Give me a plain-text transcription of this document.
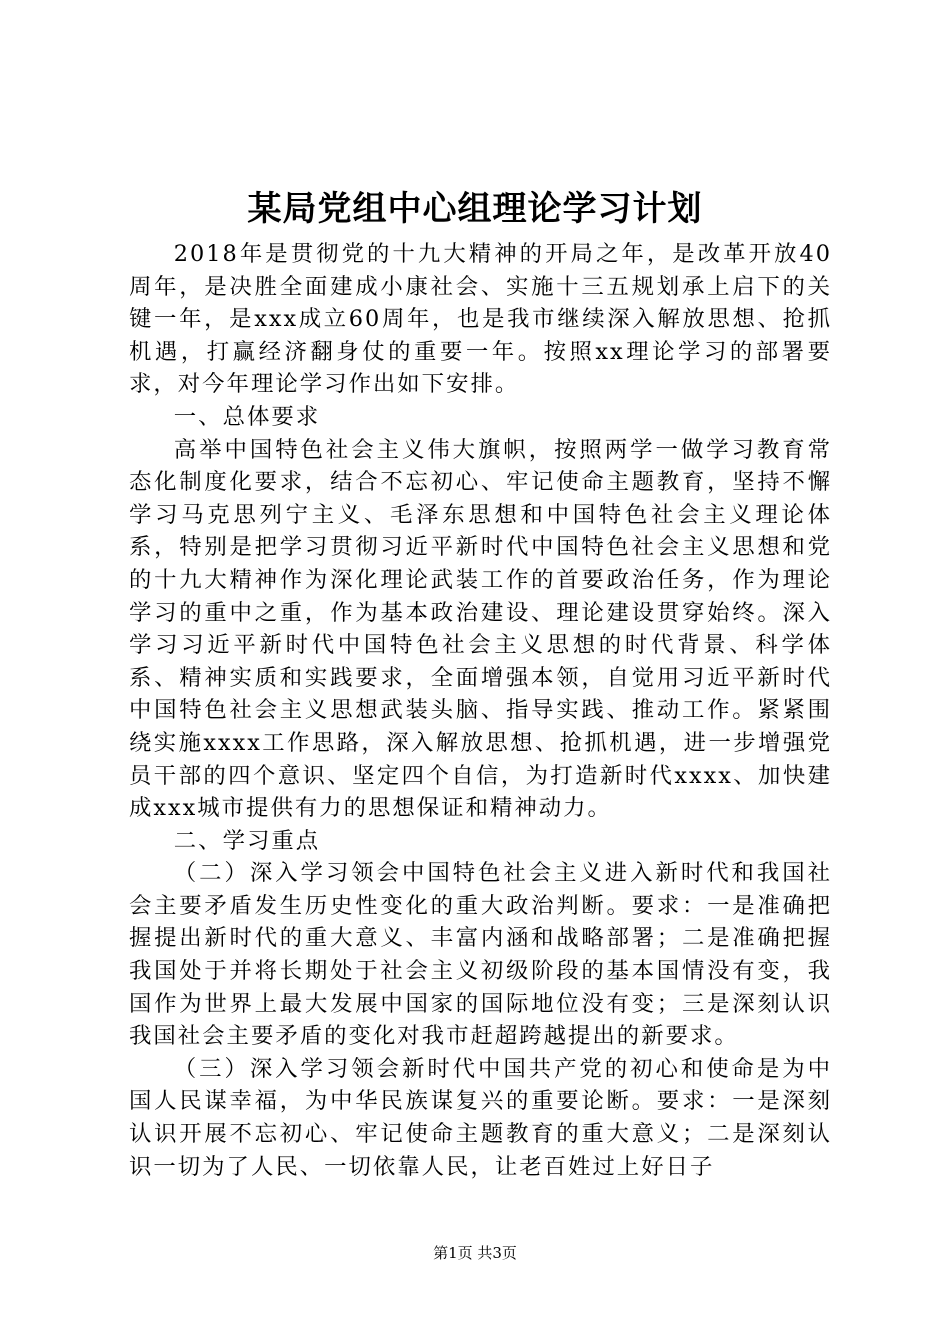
某局党组中心组理论学习计划

2018年是贯彻党的十九大精神的开局之年，是改革开放40周年，是决胜全面建成小康社会、实施十三五规划承上启下的关键一年，是xxx成立60周年，也是我市继续深入解放思想、抢抓机遇，打赢经济翻身仗的重要一年。按照xx理论学习的部署要求，对今年理论学习作出如下安排。

一、总体要求

高举中国特色社会主义伟大旗帜，按照两学一做学习教育常态化制度化要求，结合不忘初心、牢记使命主题教育，坚持不懈学习马克思列宁主义、毛泽东思想和中国特色社会主义理论体系，特别是把学习贯彻习近平新时代中国特色社会主义思想和党的十九大精神作为深化理论武装工作的首要政治任务，作为理论学习的重中之重，作为基本政治建设、理论建设贯穿始终。深入学习习近平新时代中国特色社会主义思想的时代背景、科学体系、精神实质和实践要求，全面增强本领，自觉用习近平新时代中国特色社会主义思想武装头脑、指导实践、推动工作。紧紧围绕实施xxxx工作思路，深入解放思想、抢抓机遇，进一步增强党员干部的四个意识、坚定四个自信，为打造新时代xxxx、加快建成xxx城市提供有力的思想保证和精神动力。

二、学习重点

（二）深入学习领会中国特色社会主义进入新时代和我国社会主要矛盾发生历史性变化的重大政治判断。要求：一是准确把握提出新时代的重大意义、丰富内涵和战略部署；二是准确把握我国处于并将长期处于社会主义初级阶段的基本国情没有变，我国作为世界上最大发展中国家的国际地位没有变；三是深刻认识我国社会主要矛盾的变化对我市赶超跨越提出的新要求。

（三）深入学习领会新时代中国共产党的初心和使命是为中国人民谋幸福，为中华民族谋复兴的重要论断。要求：一是深刻认识开展不忘初心、牢记使命主题教育的重大意义；二是深刻认识一切为了人民、一切依靠人民，让老百姓过上好日子

第1页 共3页
